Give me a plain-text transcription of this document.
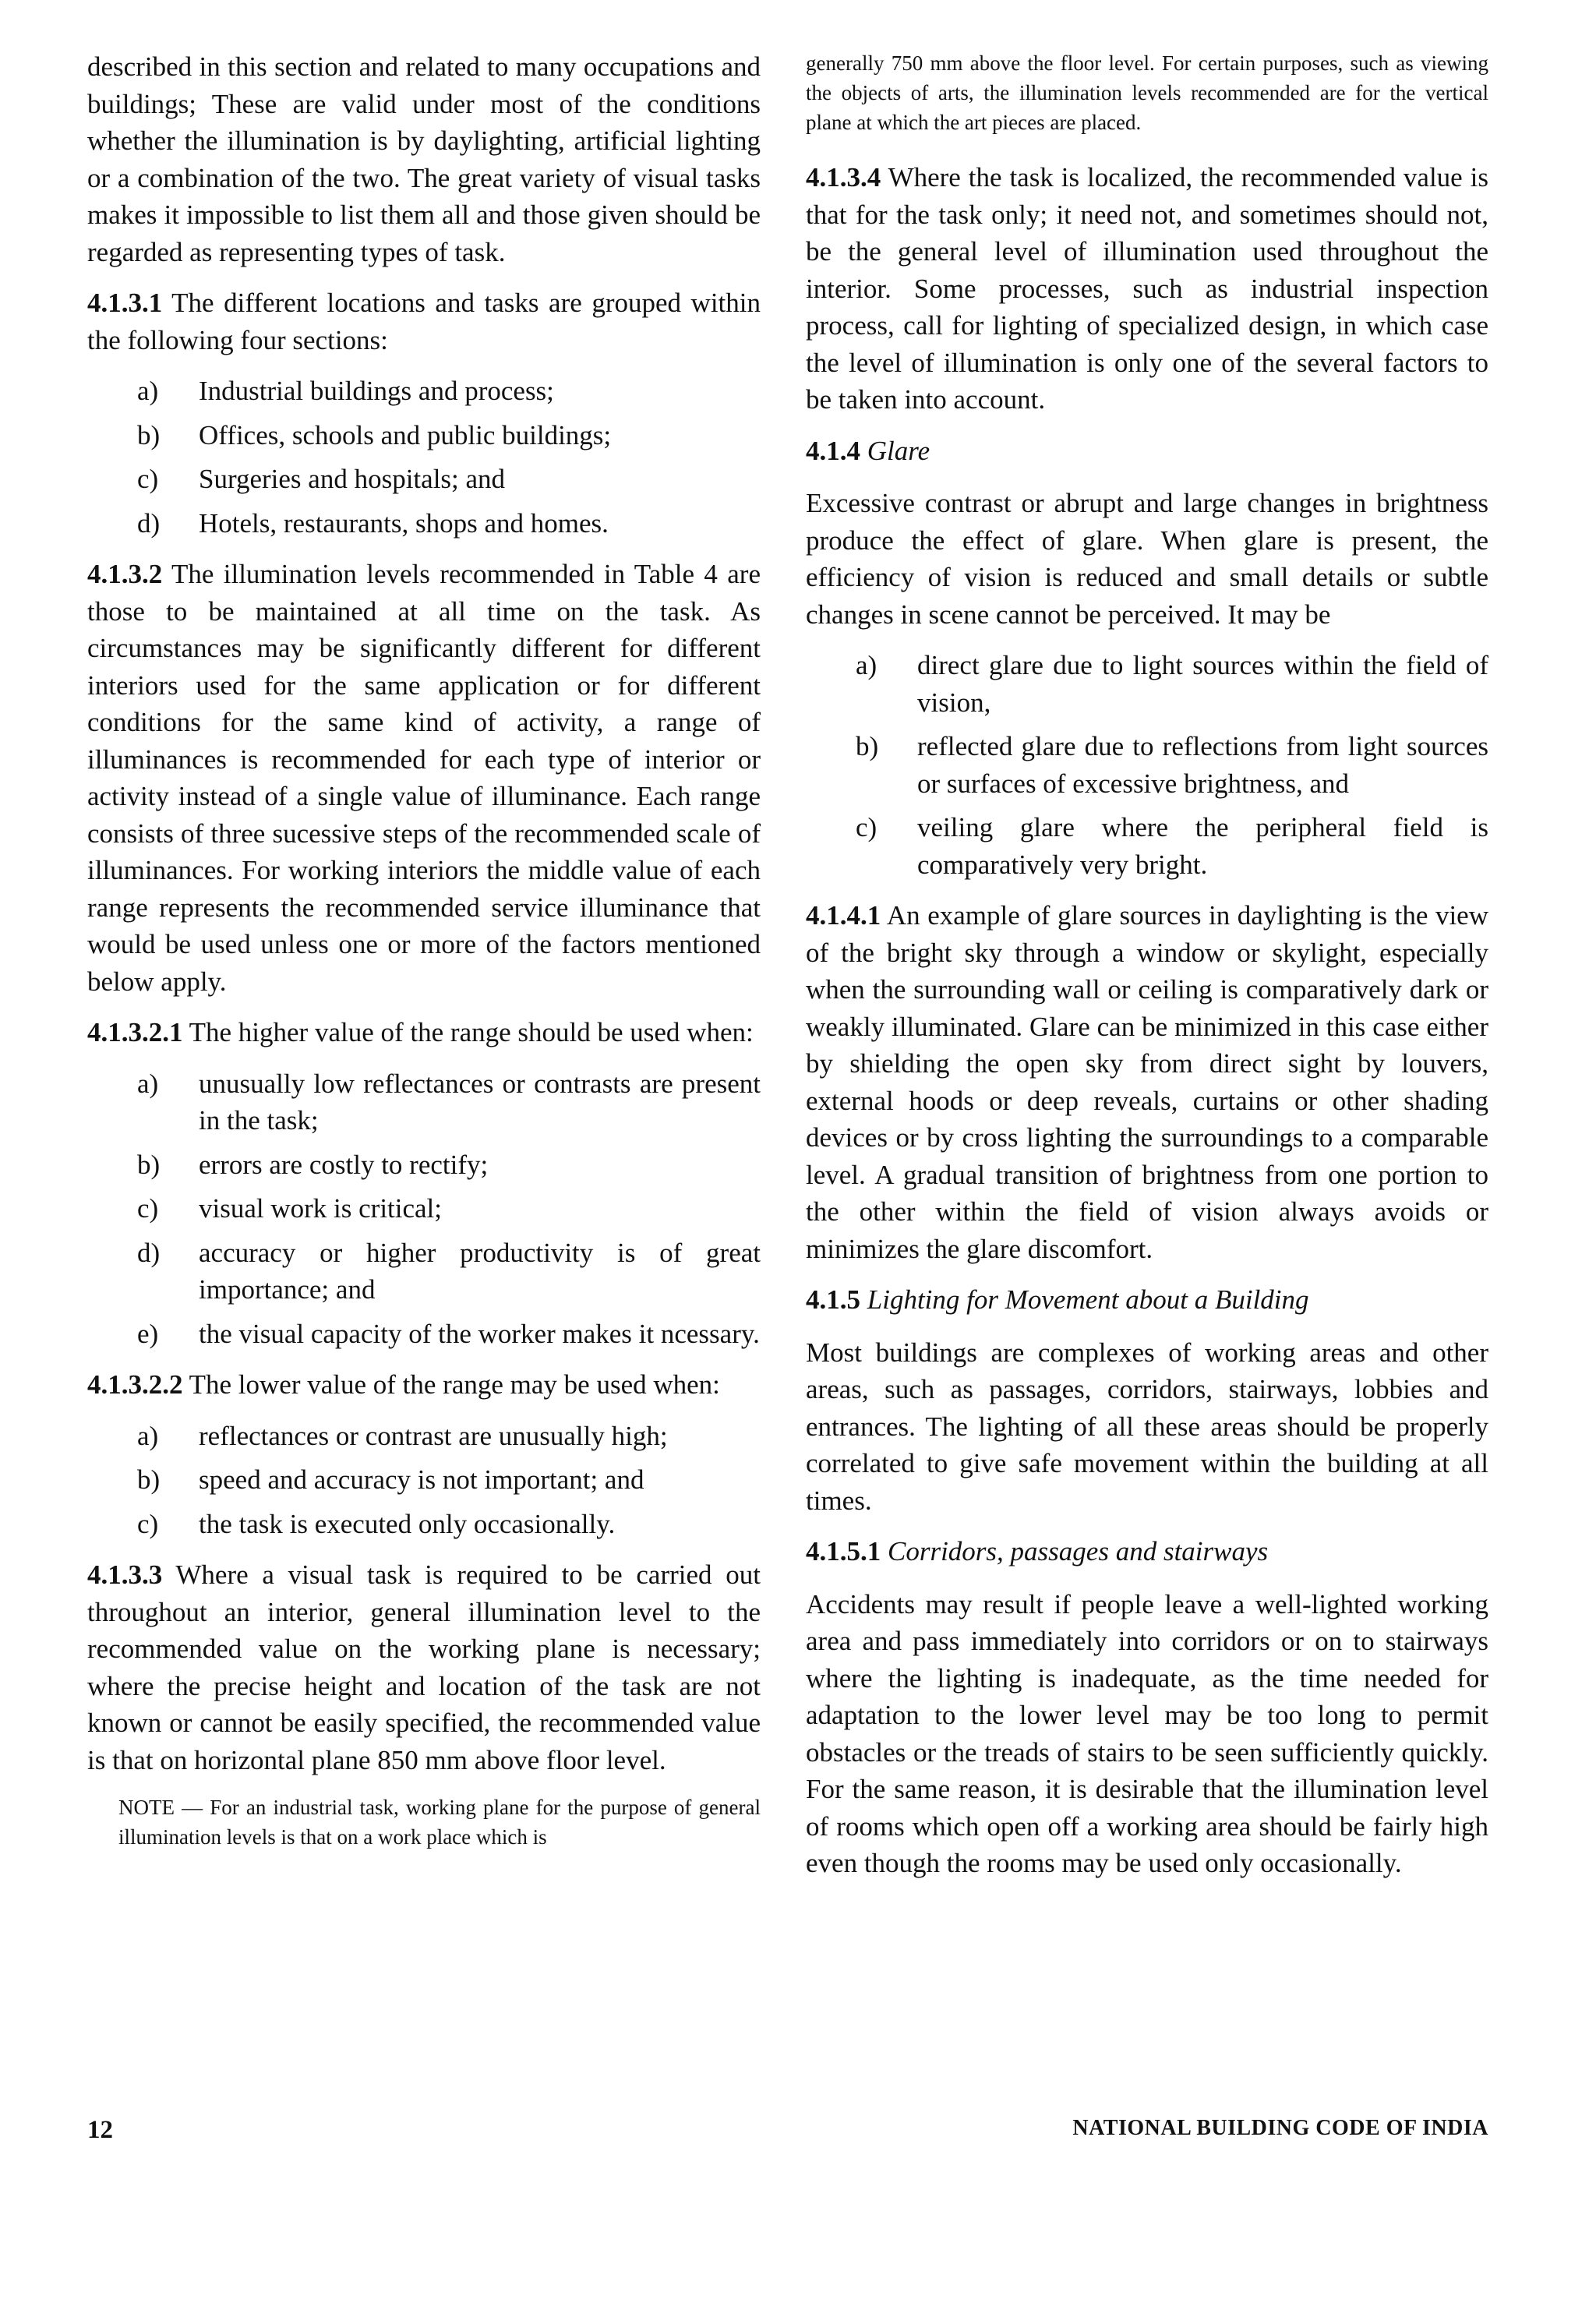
described in this section and related to many occupations and buildings; These are valid under most of the conditions whether the illumination is by daylighting, artificial lighting or a combination of the two. The great variety of visual tasks makes it impossible to list them all and those given should be regarded as representing types of task.

4.1.3.1 The different locations and tasks are grouped within the following four sections:

a) Industrial buildings and process;
b) Offices, schools and public buildings;
c) Surgeries and hospitals; and
d) Hotels, restaurants, shops and homes.

4.1.3.2 The illumination levels recommended in Table 4 are those to be maintained at all time on the task. As circumstances may be significantly different for different interiors used for the same application or for different conditions for the same kind of activity, a range of illuminances is recommended for each type of interior or activity instead of a single value of illuminance. Each range consists of three sucessive steps of the recommended scale of illuminances. For working interiors the middle value of each range represents the recommended service illuminance that would be used unless one or more of the factors mentioned below apply.

4.1.3.2.1 The higher value of the range should be used when:

a) unusually low reflectances or contrasts are present in the task;
b) errors are costly to rectify;
c) visual work is critical;
d) accuracy or higher productivity is of great importance; and
e) the visual capacity of the worker makes it ncessary.

4.1.3.2.2 The lower value of the range may be used when:

a) reflectances or contrast are unusually high;
b) speed and accuracy is not important; and
c) the task is executed only occasionally.

4.1.3.3 Where a visual task is required to be carried out throughout an interior, general illumination level to the recommended value on the working plane is necessary; where the precise height and location of the task are not known or cannot be easily specified, the recommended value is that on horizontal plane 850 mm above floor level.

NOTE — For an industrial task, working plane for the purpose of general illumination levels is that on a work place which is

generally 750 mm above the floor level. For certain purposes, such as viewing the objects of arts, the illumination levels recommended are for the vertical plane at which the art pieces are placed.

4.1.3.4 Where the task is localized, the recommended value is that for the task only; it need not, and sometimes should not, be the general level of illumination used throughout the interior. Some processes, such as industrial inspection process, call for lighting of specialized design, in which case the level of illumination is only one of the several factors to be taken into account.

4.1.4 Glare

Excessive contrast or abrupt and large changes in brightness produce the effect of glare. When glare is present, the efficiency of vision is reduced and small details or subtle changes in scene cannot be perceived. It may be

a) direct glare due to light sources within the field of vision,
b) reflected glare due to reflections from light sources or surfaces of excessive brightness, and
c) veiling glare where the peripheral field is comparatively very bright.

4.1.4.1 An example of glare sources in daylighting is the view of the bright sky through a window or skylight, especially when the surrounding wall or ceiling is comparatively dark or weakly illuminated. Glare can be minimized in this case either by shielding the open sky from direct sight by louvers, external hoods or deep reveals, curtains or other shading devices or by cross lighting the surroundings to a comparable level. A gradual transition of brightness from one portion to the other within the field of vision always avoids or minimizes the glare discomfort.

4.1.5 Lighting for Movement about a Building

Most buildings are complexes of working areas and other areas, such as passages, corridors, stairways, lobbies and entrances. The lighting of all these areas should be properly correlated to give safe movement within the building at all times.

4.1.5.1 Corridors, passages and stairways

Accidents may result if people leave a well-lighted working area and pass immediately into corridors or on to stairways where the lighting is inadequate, as the time needed for adaptation to the lower level may be too long to permit obstacles or the treads of stairs to be seen sufficiently quickly. For the same reason, it is desirable that the illumination level of rooms which open off a working area should be fairly high even though the rooms may be used only occasionally.

12	NATIONAL BUILDING CODE OF INDIA
